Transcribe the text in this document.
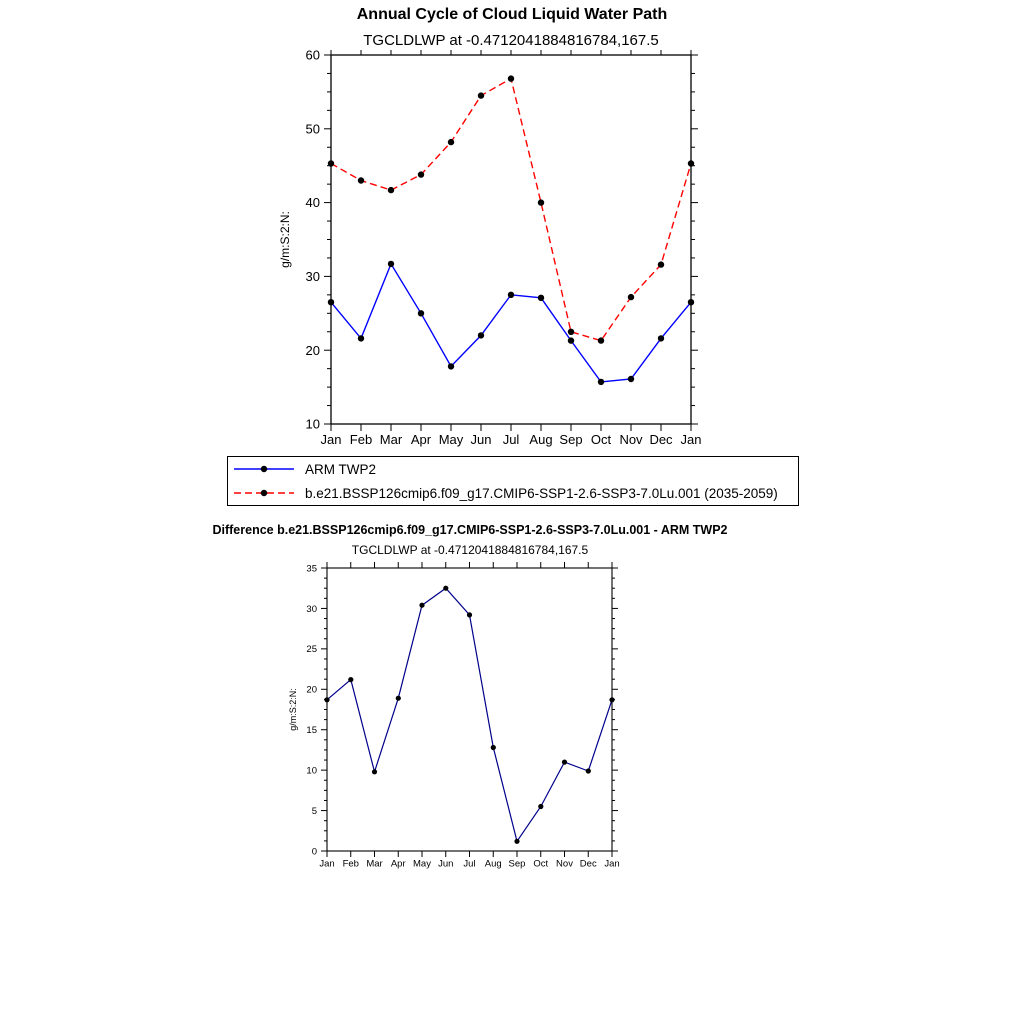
Annual Cycle of Cloud Liquid Water Path
TGCLDLWP at -0.4712041884816784,167.5
10
20
30
40
50
60
Jan Feb Mar Apr May Jun Jul Aug Sep Oct Nov Dec Jan
g/m:S:2:N:
ARM TWP2
b.e21.BSSP126cmip6.f09_g17.CMIP6-SSP1-2.6-SSP3-7.0Lu.001 (2035-2059)
Difference b.e21.BSSP126cmip6.f09_g17.CMIP6-SSP1-2.6-SSP3-7.0Lu.001 - ARM TWP2
TGCLDLWP at -0.4712041884816784,167.5
0
5
10
15
20
25
30
35
Jan Feb Mar Apr May Jun Jul Aug Sep Oct Nov Dec Jan
g/m:S:2:N:
